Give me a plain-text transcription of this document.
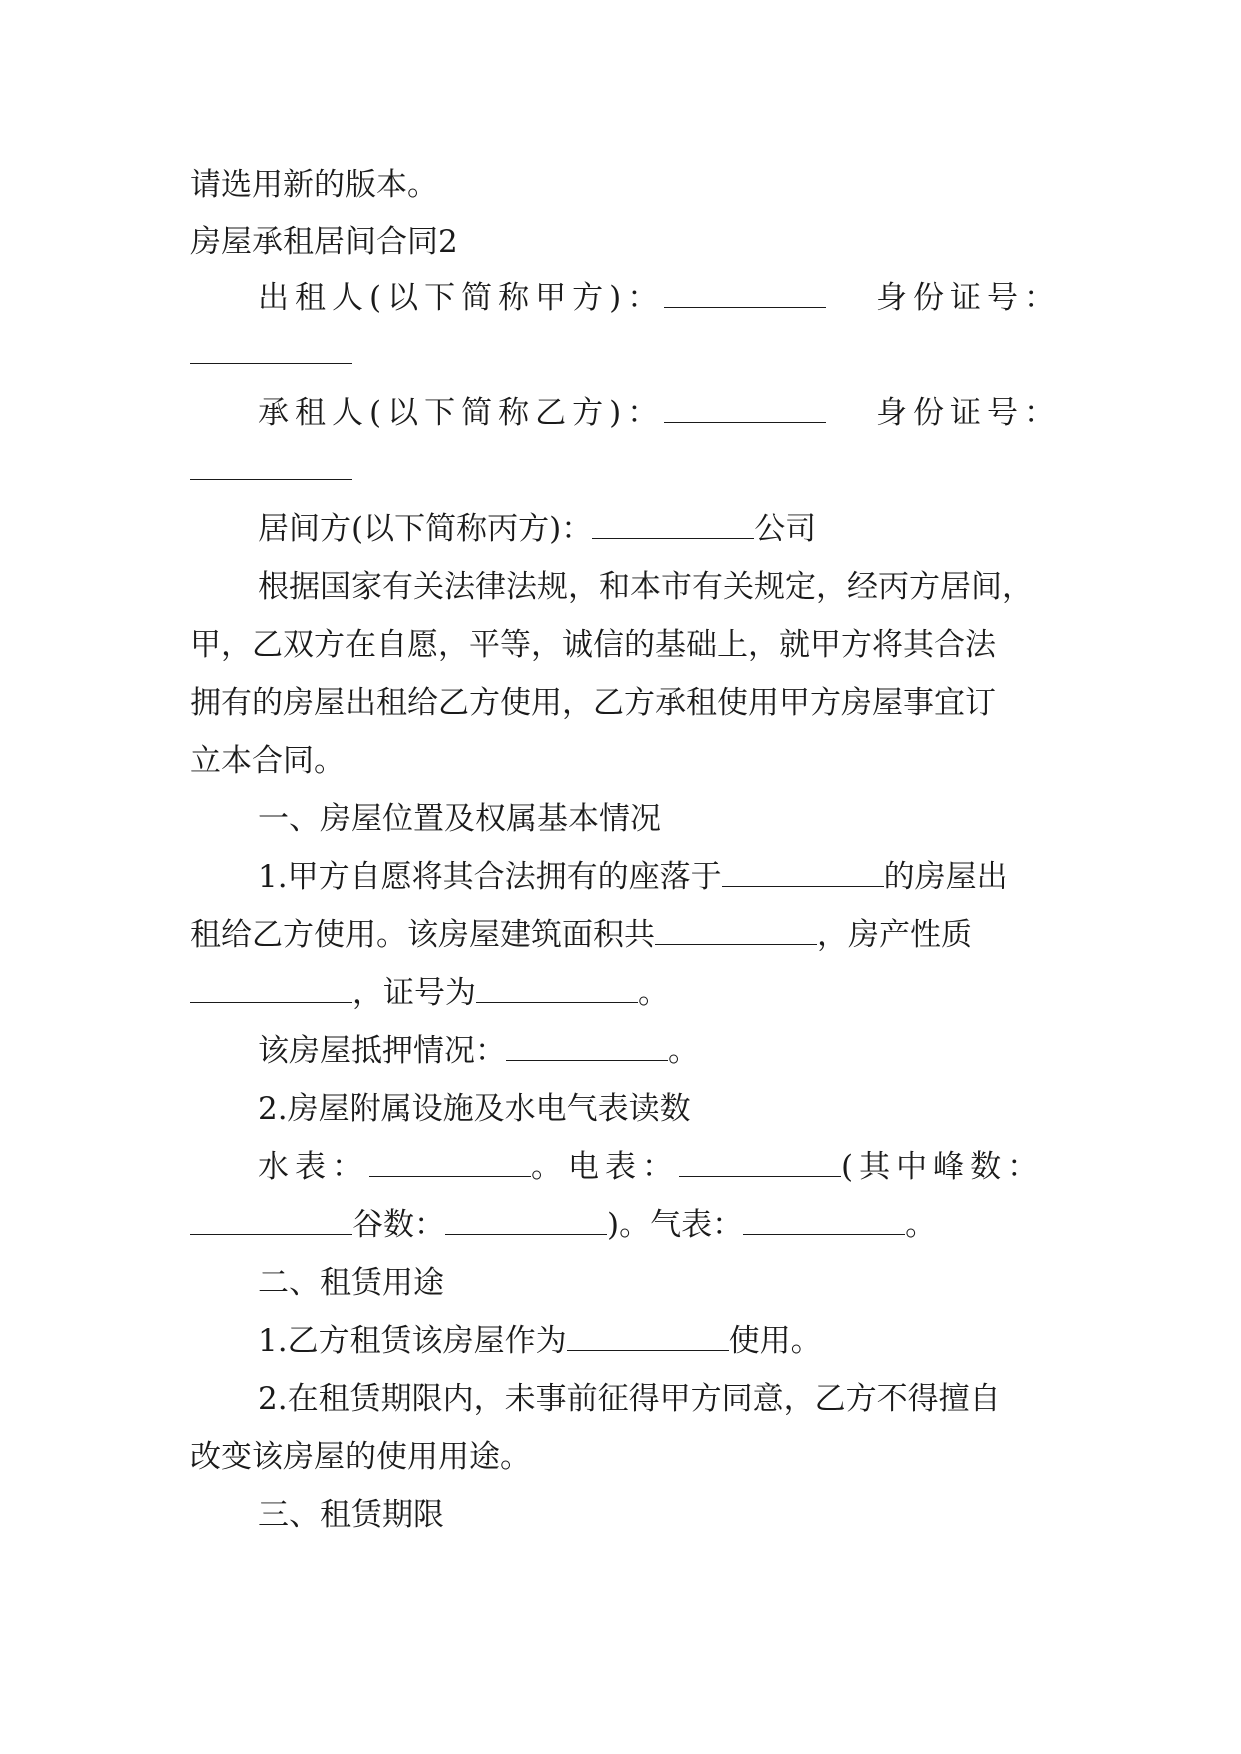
请选用新的版本。
房屋承租居间合同2
出租人(以下简称甲方)：	身份证号：
承租人(以下简称乙方)：	身份证号：
居间方(以下简称丙方)：	公司
根据国家有关法律法规，和本市有关规定，经丙方居间，
甲，乙双方在自愿，平等，诚信的基础上，就甲方将其合法
拥有的房屋出租给乙方使用，乙方承租使用甲方房屋事宜订
立本合同。
一、房屋位置及权属基本情况
1.甲方自愿将其合法拥有的座落于	的房屋出
租给乙方使用。该房屋建筑面积共	，房产性质
，证号为	。
该房屋抵押情况：	。
2.房屋附属设施及水电气表读数
水表：	。电表：	(其中峰数：
谷数：	)。气表：	。
二、租赁用途
1.乙方租赁该房屋作为	使用。
2.在租赁期限内，未事前征得甲方同意，乙方不得擅自
改变该房屋的使用用途。
三、租赁期限
